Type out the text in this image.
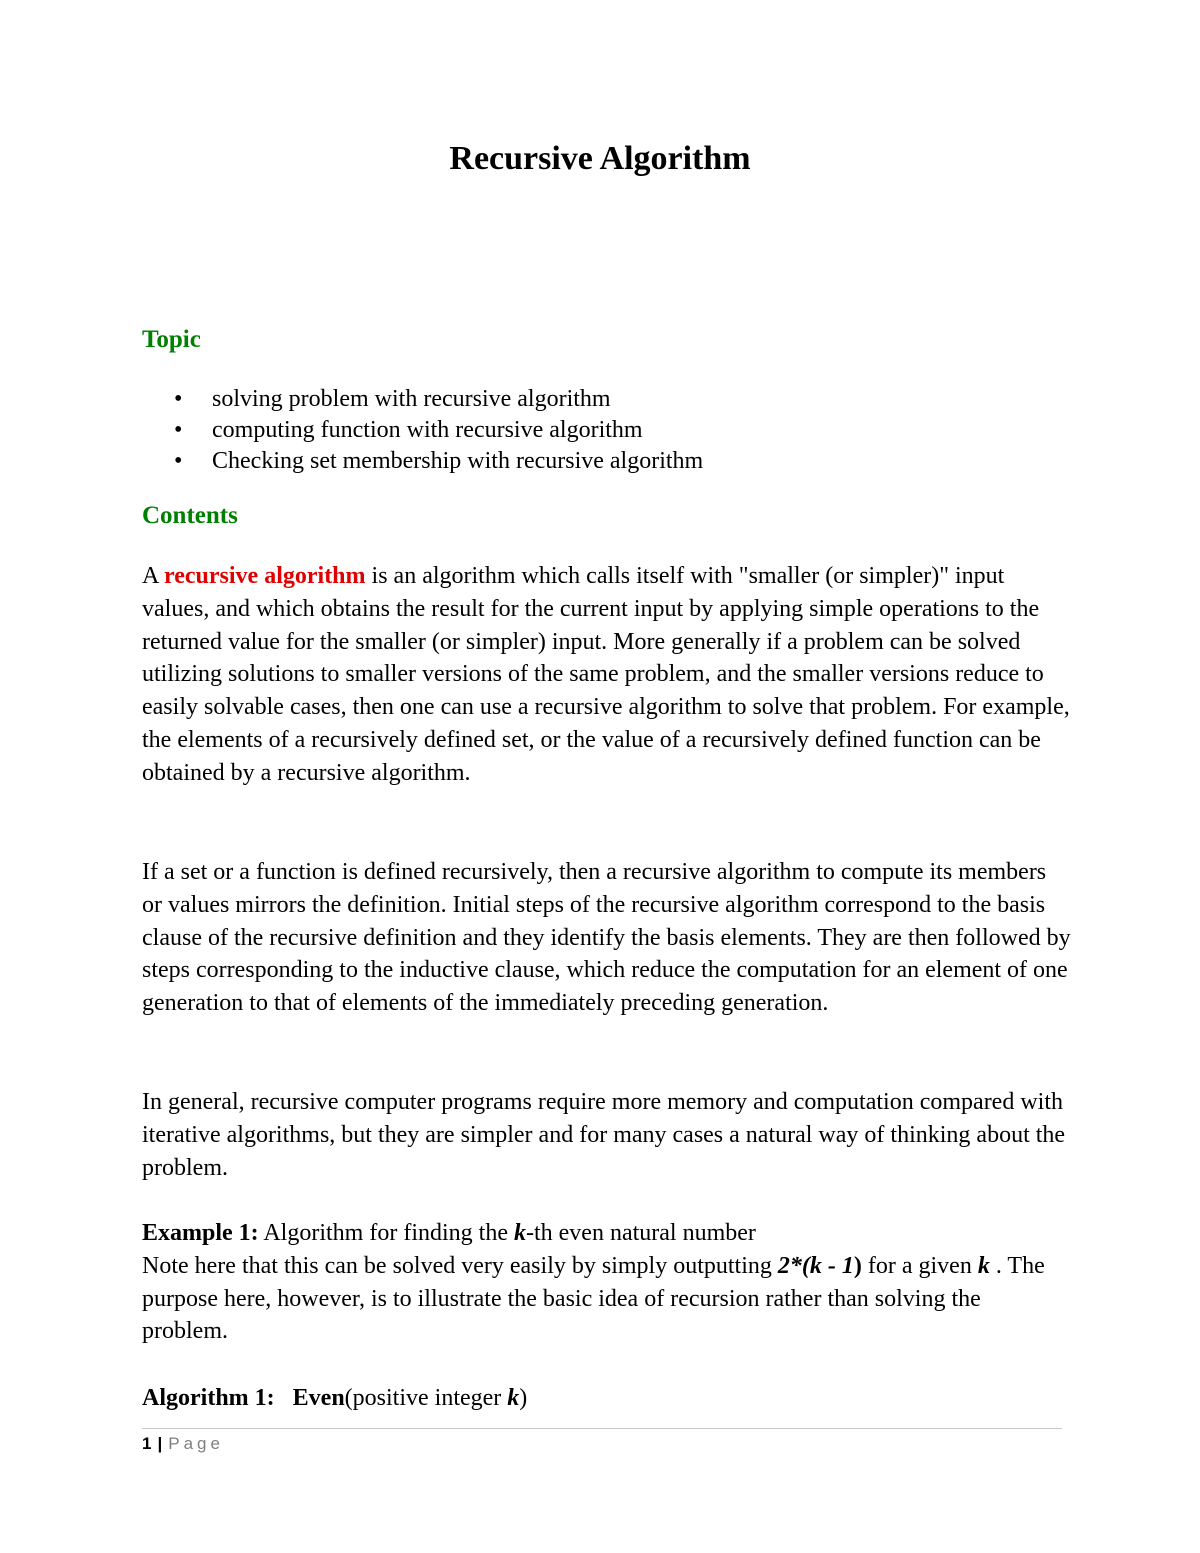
Recursive Algorithm
Topic
• solving problem with recursive algorithm
• computing function with recursive algorithm
• Checking set membership with recursive algorithm
Contents

A recursive algorithm is an algorithm which calls itself with "smaller (or simpler)" input values, and which obtains the result for the current input by applying simple operations to the returned value for the smaller (or simpler) input. More generally if a problem can be solved utilizing solutions to smaller versions of the same problem, and the smaller versions reduce to easily solvable cases, then one can use a recursive algorithm to solve that problem. For example, the elements of a recursively defined set, or the value of a recursively defined function can be obtained by a recursive algorithm.

If a set or a function is defined recursively, then a recursive algorithm to compute its members or values mirrors the definition. Initial steps of the recursive algorithm correspond to the basis clause of the recursive definition and they identify the basis elements. They are then followed by steps corresponding to the inductive clause, which reduce the computation for an element of one generation to that of elements of the immediately preceding generation.

In general, recursive computer programs require more memory and computation compared with iterative algorithms, but they are simpler and for many cases a natural way of thinking about the problem.

Example 1: Algorithm for finding the k-th even natural number
Note here that this can be solved very easily by simply outputting 2*(k - 1) for a given k . The purpose here, however, is to illustrate the basic idea of recursion rather than solving the problem.

Algorithm 1: Even(positive integer k)

1 | Page
